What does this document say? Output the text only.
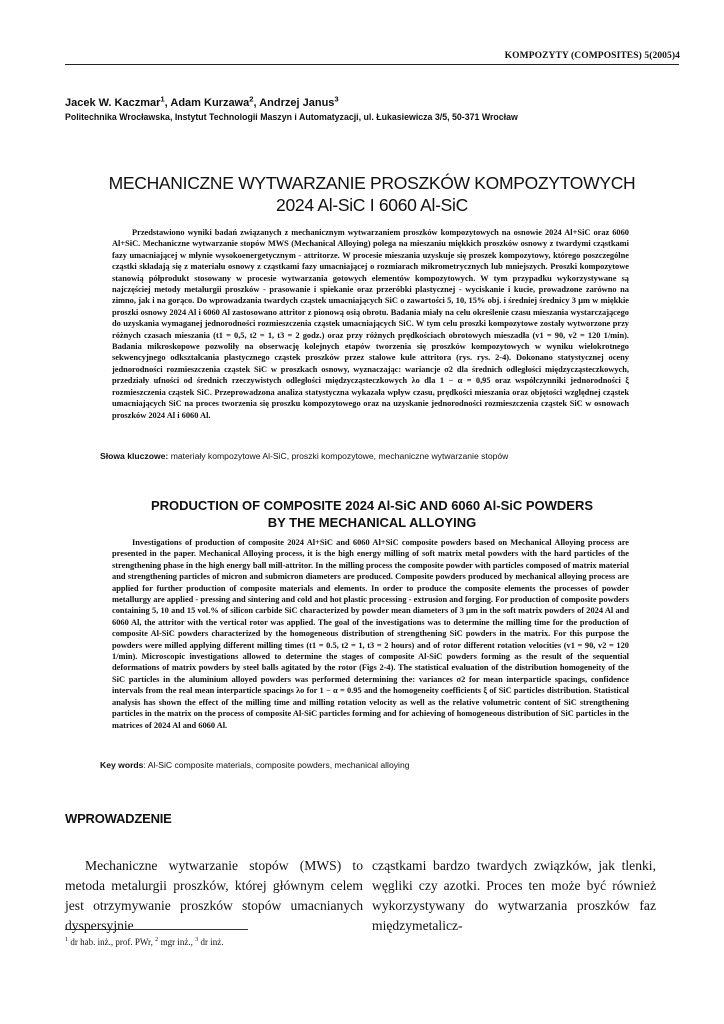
KOMPOZYTY (COMPOSITES) 5(2005)4
Jacek W. Kaczmar$^1$, Adam Kurzawa$^2$, Andrzej Janus$^3$
Politechnika Wrocławska, Instytut Technologii Maszyn i Automatyzacji, ul. Łukasiewicza 3/5, 50-371 Wrocław
MECHANICZNE WYTWARZANIE PROSZKÓW KOMPOZYTOWYCH
2024 Al-SiC I 6060 Al-SiC

Przedstawiono wyniki badań związanych z mechanicznym wytwarzaniem proszków kompozytowych na osnowie 2024 Al+SiC oraz 6060 Al+SiC. Mechaniczne wytwarzanie stopów MWS (Mechanical Alloying) polega na mieszaniu miękkich proszków osnowy z twardymi cząstkami fazy umacniającej w młynie wysokoenergetycznym - attritorze. W procesie mieszania uzyskuje się proszek kompozytowy, którego poszczególne cząstki składają się z materiału osnowy z cząstkami fazy umacniającej o rozmiarach mikrometrycznych lub mniejszych. Proszki kompozytowe stanowią półprodukt stosowany w procesie wytwarzania gotowych elementów kompozytowych. W tym przypadku wykorzystywane są najczęściej metody metalurgii proszków - prasowanie i spiekanie oraz przeróbki plastycznej - wyciskanie i kucie, prowadzone zarówno na zimno, jak i na gorąco. Do wprowadzania twardych cząstek umacniających SiC o zawartości 5, 10, 15% obj. i średniej średnicy 3 μm w miękkie proszki osnowy 2024 Al i 6060 Al zastosowano attritor z pionową osią obrotu. Badania miały na celu określenie czasu mieszania wystarczającego do uzyskania wymaganej jednorodności rozmieszczenia cząstek umacniających SiC. W tym celu proszki kompozytowe zostały wytworzone przy różnych czasach mieszania (t1 = 0,5, t2 = 1, t3 = 2 godz.) oraz przy różnych prędkościach obrotowych mieszadła (v1 = 90, v2 = 120 1/min). Badania mikroskopowe pozwoliły na obserwację kolejnych etapów tworzenia się proszków kompozytowych w wyniku wielokrotnego sekwencyjnego odkształcania plastycznego cząstek proszków przez stalowe kule attritora (rys. rys. 2-4). Dokonano statystycznej oceny jednorodności rozmieszczenia cząstek SiC w proszkach osnowy, wyznaczając: wariancje σ2 dla średnich odległości międzycząsteczkowych, przedziały ufności od średnich rzeczywistych odległości międzycząsteczkowych λo dla 1 − α = 0,95 oraz współczynniki jednorodności ξ rozmieszczenia cząstek SiC. Przeprowadzona analiza statystyczna wykazała wpływ czasu, prędkości mieszania oraz objętości względnej cząstek umacniających SiC na proces tworzenia się proszku kompozytowego oraz na uzyskanie jednorodności rozmieszczenia cząstek SiC w osnowach proszków 2024 Al i 6060 Al.

Słowa kluczowe: materiały kompozytowe Al-SiC, proszki kompozytowe, mechaniczne wytwarzanie stopów
PRODUCTION OF COMPOSITE 2024 Al-SiC AND 6060 Al-SiC POWDERS
BY THE MECHANICAL ALLOYING

Investigations of production of composite 2024 Al+SiC and 6060 Al+SiC composite powders based on Mechanical Alloying process are presented in the paper. Mechanical Alloying process, it is the high energy milling of soft matrix metal powders with the hard particles of the strengthening phase in the high energy ball mill-attritor. In the milling process the composite powder with particles composed of matrix material and strengthening particles of micron and submicron diameters are produced. Composite powders produced by mechanical alloying process are applied for further production of composite materials and elements. In order to produce the composite elements the processes of powder metallurgy are applied - pressing and sintering and cold and hot plastic processing - extrusion and forging. For production of composite powders containing 5, 10 and 15 vol.% of silicon carbide SiC characterized by powder mean diameters of 3 μm in the soft matrix powders of 2024 Al and 6060 Al, the attritor with the vertical rotor was applied. The goal of the investigations was to determine the milling time for the production of composite Al-SiC powders characterized by the homogeneous distribution of strengthening SiC powders in the matrix. For this purpose the powders were milled applying different milling times (t1 = 0.5, t2 = 1, t3 = 2 hours) and of rotor different rotation velocities (v1 = 90, v2 = 120 1/min). Microscopic investigations allowed to determine the stages of composite Al-SiC powders forming as the result of the sequential deformations of matrix powders by steel balls agitated by the rotor (Figs 2-4). The statistical evaluation of the distribution homogeneity of the SiC particles in the aluminium alloyed powders was performed determining the: variances σ2 for mean interparticle spacings, confidence intervals from the real mean interparticle spacings λo for 1 − α = 0.95 and the homogeneity coefficients ξ of SiC particles distribution. Statistical analysis has shown the effect of the milling time and milling rotation velocity as well as the relative volumetric content of SiC strengthening particles in the matrix on the process of composite Al-SiC particles forming and for achieving of homogeneous distribution of SiC particles in the matrices of 2024 Al and 6060 Al.

Key words: Al-SiC composite materials, composite powders, mechanical alloying
WPROWADZENIE

Mechaniczne wytwarzanie stopów (MWS) to metoda metalurgii proszków, której głównym celem jest otrzymywanie proszków stopów umacnianych dyspersyjnie

cząstkami bardzo twardych związków, jak tlenki, węgliki czy azotki. Proces ten może być również wykorzystywany do wytwarzania proszków faz międzymetalicz-

$^1$ dr hab. inż., prof. PWr, $^2$ mgr inż., $^3$ dr inż.
